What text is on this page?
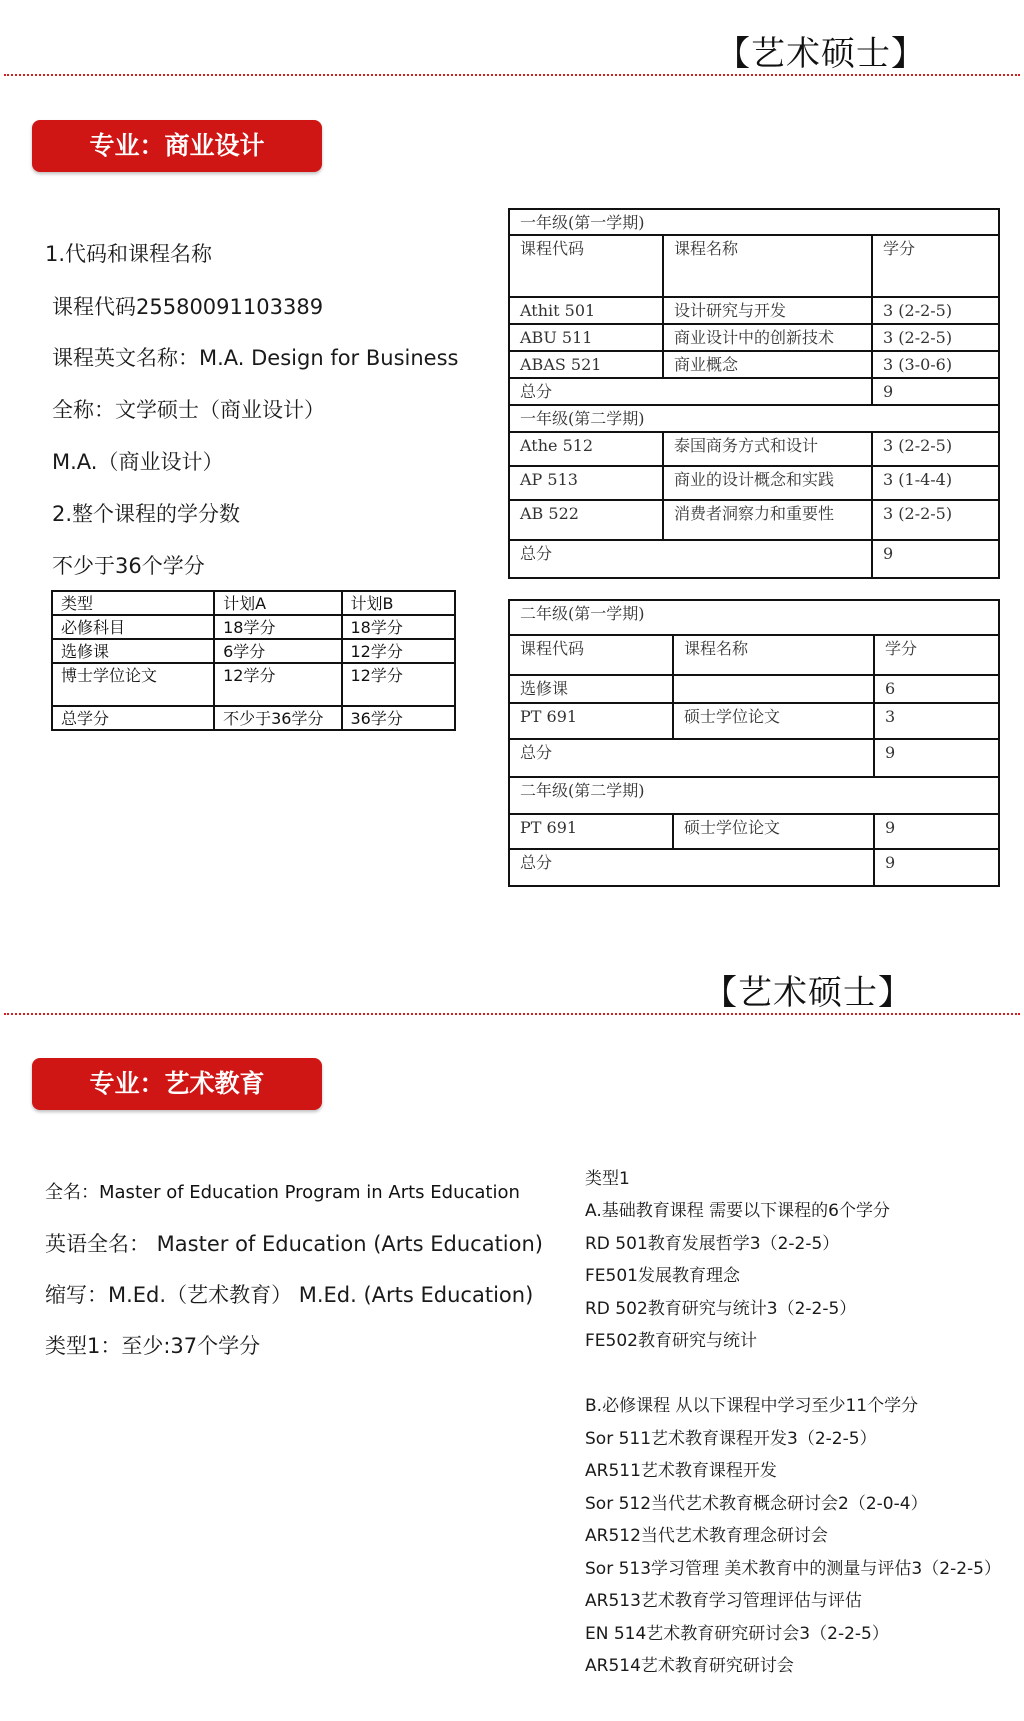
【艺术硕士】
专业：商业设计
1.代码和课程名称
课程代码25580091103389
课程英文名称：M.A. Design for Business
全称：文学硕士（商业设计）
M.A.（商业设计）
2.整个课程的学分数
不少于36个学分
类型	计划A	计划B
必修科目	18学分	18学分
选修课	6学分	12学分
博士学位论文	12学分	12学分
总学分	不少于36学分	36学分
一年级(第一学期)		
课程代码	课程名称	学分
Athit 501	设计研究与开发	3 (2-2-5)
ABU 511	商业设计中的创新技术	3 (2-2-5)
ABAS 521	商业概念	3 (3-0-6)
总分		9
一年级(第二学期)		
Athe 512	泰国商务方式和设计	3 (2-2-5)
AP 513	商业的设计概念和实践	3 (1-4-4)
AB 522	消费者洞察力和重要性	3 (2-2-5)
总分		9
二年级(第一学期)		
课程代码	课程名称	学分
选修课		6
PT 691	硕士学位论文	3
总分		9
二年级(第二学期)		
PT 691	硕士学位论文	9
总分		9
【艺术硕士】
专业：艺术教育
全名：Master of Education Program in Arts Education
英语全名： Master of Education (Arts Education)
缩写：M.Ed.（艺术教育） M.Ed. (Arts Education)
类型1：至少:37个学分
类型1
A.基础教育课程 需要以下课程的6个学分
RD 501教育发展哲学3（2-2-5）
FE501发展教育理念
RD 502教育研究与统计3（2-2-5）
FE502教育研究与统计
B.必修课程 从以下课程中学习至少11个学分
Sor 511艺术教育课程开发3（2-2-5）
AR511艺术教育课程开发
Sor 512当代艺术教育概念研讨会2（2-0-4）
AR512当代艺术教育理念研讨会
Sor 513学习管理 美术教育中的测量与评估3（2-2-5）
AR513艺术教育学习管理评估与评估
EN 514艺术教育研究研讨会3（2-2-5）
AR514艺术教育研究研讨会
